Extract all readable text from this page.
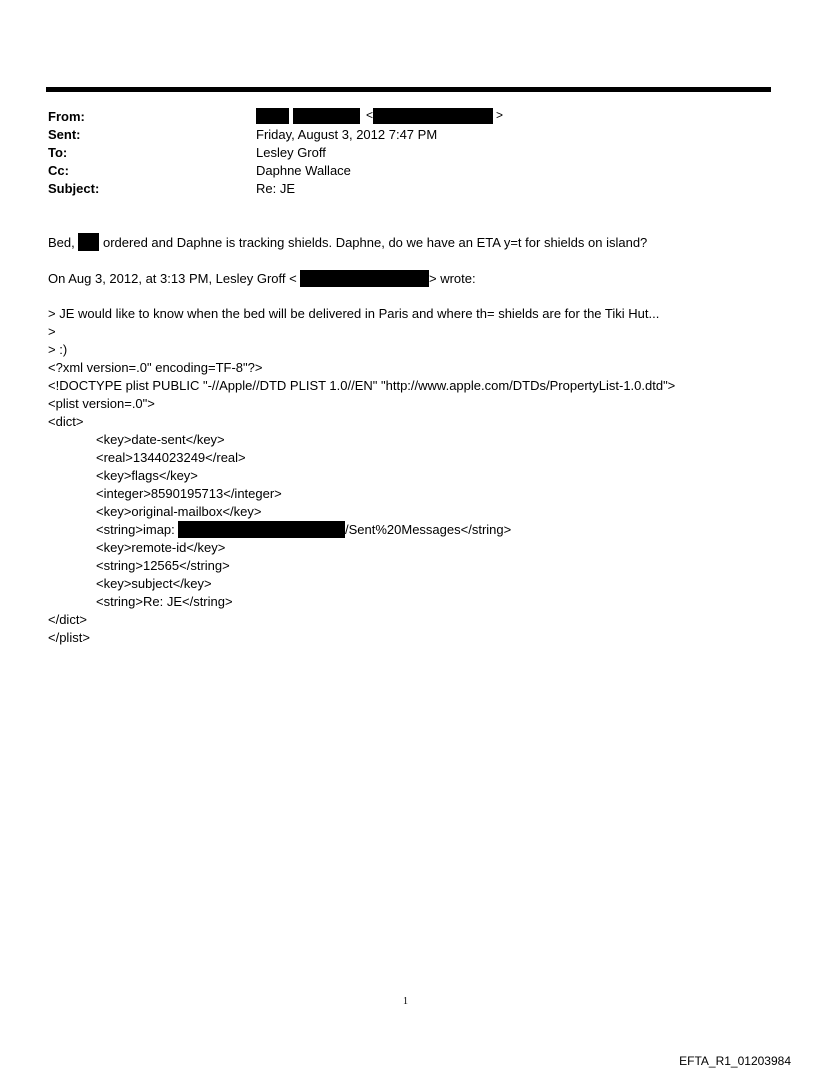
From:	<	>
Sent:	Friday, August 3, 2012 7:47 PM
To:	Lesley Groff
Cc:	Daphne Wallace
Subject:	Re: JE
Bed, ordered and Daphne is tracking shields. Daphne, do we have an ETA y=t for shields on island?
On Aug 3, 2012, at 3:13 PM, Lesley Groff <	> wrote:
> JE would like to know when the bed will be delivered in Paris and where th= shields are for the Tiki Hut...
>
> :)
<?xml version=.0" encoding=TF-8"?>
<!DOCTYPE plist PUBLIC "-//Apple//DTD PLIST 1.0//EN" "http://www.apple.com/DTDs/PropertyList-1.0.dtd">
<plist version=.0">
<dict>
<key>date-sent</key>
<real>1344023249</real>
<key>flags</key>
<integer>8590195713</integer>
<key>original-mailbox</key>
<string>imap:	/Sent%20Messages</string>
<key>remote-id</key>
<string>12565</string>
<key>subject</key>
<string>Re: JE</string>
</dict>
</plist>
1
EFTA_R1_01203984
